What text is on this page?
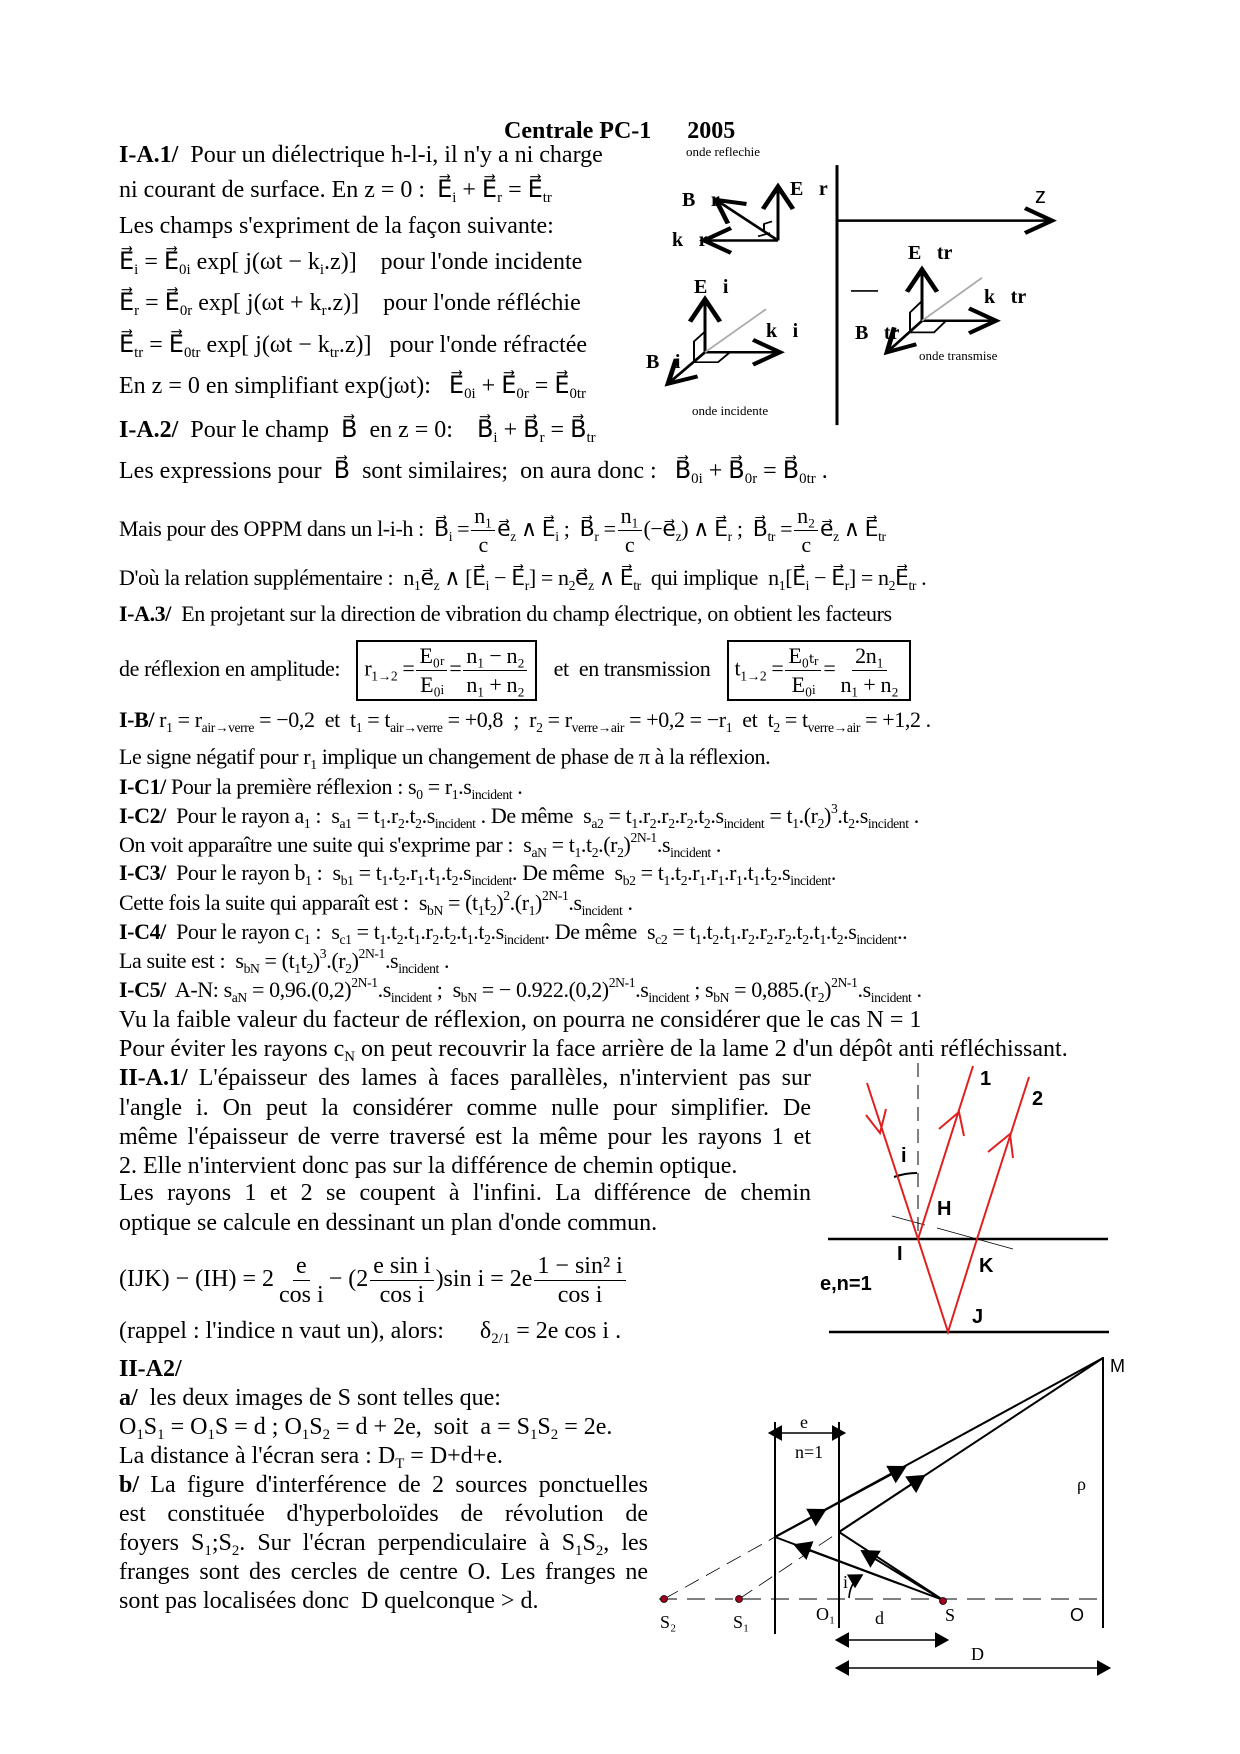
Centrale PC-1 2005
I-A.1/  Pour un diélectrique h-l-i, il n'y a ni charge
ni courant de surface. En z = 0 :  $E⃗_i$ + $E⃗_r$ = $E⃗_{tr}$
Les champs s'expriment de la façon suivante:
$E⃗_i$ = $E⃗_{0i}$ exp[ $j(\omega t - k_i.z)$]    pour l'onde incidente
$E⃗_r$ = $E⃗_{0r}$ exp[ $j(\omega t + k_r.z)$]    pour l'onde réfléchie
$E⃗_{tr}$ = $E⃗_{0tr}$ exp[ $j(\omega t - k_{tr}.z)$]   pour l'onde réfractée
En z = 0 en simplifiant exp(jωt):   $E⃗_{0i}$ + $E⃗_{0r}$ = $E⃗_{0tr}$
I-A.2/  Pour le champ  B⃗  en z = 0:    $B⃗_i$ + $B⃗_r$ = $B⃗_{tr}$
Les expressions pour  B⃗  sont similaires;  on aura donc :   $B⃗_{0i}$ + $B⃗_{0r}$ = $B⃗_{0tr}$ .
Mais pour des OPPM dans un l-i-h :  $B⃗_i = \frac{\text{n₁}}{c}$ $e⃗_z$ ∧ $E⃗_i$ ;  $B⃗_r = \frac{\text{n₁}}{c}$ $(-e⃗_z)$ ∧ $E⃗_r$ ;  $B⃗_{tr} = \frac{\text{n₂}}{c}$ $e⃗_z$ ∧ $E⃗_{tr}$
D'où la relation supplémentaire :  $n_1e⃗_z$ ∧ [$E⃗_i$ − $E⃗_r$] = $n_2e⃗_z$ ∧ $E⃗_{tr}$  qui implique  $n_1[E⃗_i$ − $E⃗_r$] = $n_2E⃗_{tr}$ .
I-A.3/  En projetant sur la direction de vibration du champ électrique, on obtient les facteurs
de réflexion en amplitude:  $r_{1\to 2} = \frac{\text{E₀ᵣ}}{\text{E₀ᵢ}} = \frac{\text{n₁ − n₂}}{\text{n₁ + n₂}}$ et  en transmission  $t_{1\to 2} = \frac{\text{E₀ₜᵣ}}{\text{E₀ᵢ}} = \frac{\text{2n₁}}{\text{n₁ + n₂}}$
I-B/ $r_1 = r_{air\to verre} = -0,2$  et  $t_1 = t_{air\to verre} = +0,8$  ;  $r_2 = r_{verre\to air} = +0,2 = -r_1$  et  $t_2 = t_{verre\to air} = +1,2$ .
Le signe négatif pour $r_1$ implique un changement de phase de π à la réflexion.
I-C1/ Pour la première réflexion : $s_0 = r_1.s_{incident}$ .
I-C2/  Pour le rayon $a_1$ :  $s_{a1} = t_1.r_2.t_2.s_{incident}$ . De même  $s_{a2} = t_1.r_2.r_2.r_2.t_2.s_{incident} = t_1.(r_2)^3.t_2.s_{incident}$ .
On voit apparaître une suite qui s'exprime par :  $s_{aN} = t_1.t_2.(r_2)^{2N-1}.s_{incident}$ .
I-C3/  Pour le rayon $b_1$ :  $s_{b1} = t_1.t_2.r_1.t_1.t_2.s_{incident}$. De même  $s_{b2} = t_1.t_2.r_1.r_1.r_1.t_1.t_2.s_{incident}$.
Cette fois la suite qui apparaît est :  $s_{bN} = (t_1t_2)^2.(r_1)^{2N-1}.s_{incident}$ .
I-C4/  Pour le rayon $c_1$ :  $s_{c1} = t_1.t_2.t_1.r_2.t_2.t_1.t_2.s_{incident}$. De même  $s_{c2} = t_1.t_2.t_1.r_2.r_2.r_2.t_2.t_1.t_2.s_{incident}$..
La suite est :  $s_{bN} = (t_1t_2)^3.(r_2)^{2N-1}.s_{incident}$ .
I-C5/  A-N: $s_{aN} = 0,96.(0,2)^{2N-1}.s_{incident}$ ;  $s_{bN}$ = − $0.922.(0,2)^{2N-1}.s_{incident}$ ; $s_{bN} = 0,885.(r_2)^{2N-1}.s_{incident}$ .
Vu la faible valeur du facteur de réflexion, on pourra ne considérer que le cas N = 1
Pour éviter les rayons $c_N$ on peut recouvrir la face arrière de la lame 2 d'un dépôt anti réfléchissant.
II-A.1/ L'épaisseur des lames à faces parallèles, n'intervient pas sur
l'angle i. On peut la considérer comme nulle pour simplifier. De
même l'épaisseur de verre traversé est la même pour les rayons 1 et
2. Elle n'intervient donc pas sur la différence de chemin optique.
Les rayons 1 et 2 se coupent à l'infini. La différence de chemin
optique se calcule en dessinant un plan d'onde commun.
$(IJK) - (IH) = 2 \frac{e}{\text{cos i}} - (2 \frac{\text{e sin i}}{\text{cos i}} )\sin$ $i = 2e \frac{\text{1 − sin² i}}{\text{cos i}}$
(rappel : l'indice n vaut un), alors:      $\delta_{2/1} = 2e$ cos i .
II-A2/
a/  les deux images de S sont telles que:
$O_1S_1 = O_1S = d$ ; $O_1S_2 = d + 2e$,  soit  $a = S_1S_2 = 2e$.
La distance à l'écran sera : $D_T = D+d+e$.
b/ La figure d'interférence de 2 sources ponctuelles
est constituée d'hyperboloïdes de révolution de
foyers $S_1;S_2$. Sur l'écran perpendiculaire à $S_1S_2$, les
franges sont des cercles de centre O. Les franges ne
sont pas localisées donc  D quelconque > d.
onde reflechie
onde incidente
onde transmise
z
B⃗r	E⃗r
k⃗r
E⃗i
k⃗i
B⃗i
E⃗tr
k⃗tr
B⃗tr
1
2
i
H
I
K
J
e,n=1
M
ρ
e
n=1
S₂	S₁	O₁ d	S	O
D
i
